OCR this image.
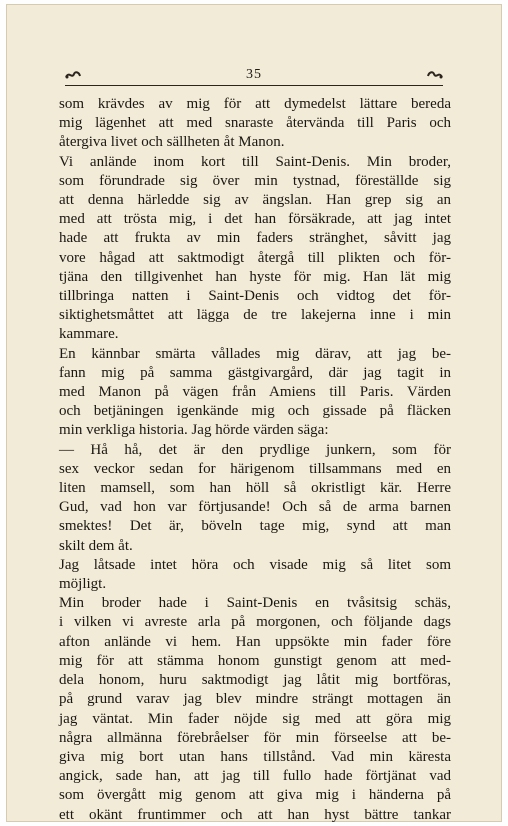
35
som krävdes av mig för att dymedelst lättare bereda
mig lägenhet att med snaraste återvända till Paris och
återgiva livet och sällheten åt Manon.
Vi anlände inom kort till Saint-Denis. Min broder,
som förundrade sig över min tystnad, föreställde sig
att denna härledde sig av ängslan. Han grep sig an
med att trösta mig, i det han försäkrade, att jag intet
hade att frukta av min faders stränghet, såvitt jag
vore hågad att saktmodigt återgå till plikten och för-
tjäna den tillgivenhet han hyste för mig. Han lät mig
tillbringa natten i Saint-Denis och vidtog det för-
siktighetsmåttet att lägga de tre lakejerna inne i min
kammare.
En kännbar smärta vållades mig därav, att jag be-
fann mig på samma gästgivargård, där jag tagit in
med Manon på vägen från Amiens till Paris. Värden
och betjäningen igenkände mig och gissade på fläcken
min verkliga historia. Jag hörde värden säga:
— Hå hå, det är den prydlige junkern, som för
sex veckor sedan for härigenom tillsammans med en
liten mamsell, som han höll så okristligt kär. Herre
Gud, vad hon var förtjusande! Och så de arma barnen
smektes! Det är, böveln tage mig, synd att man
skilt dem åt.
Jag låtsade intet höra och visade mig så litet som
möjligt.
Min broder hade i Saint-Denis en tvåsitsig schäs,
i vilken vi avreste arla på morgonen, och följande dags
afton anlände vi hem. Han uppsökte min fader före
mig för att stämma honom gunstigt genom att med-
dela honom, huru saktmodigt jag låtit mig bortföras,
på grund varav jag blev mindre strängt mottagen än
jag väntat. Min fader nöjde sig med att göra mig
några allmänna förebråelser för min förseelse att be-
giva mig bort utan hans tillstånd. Vad min käresta
angick, sade han, att jag till fullo hade förtjänat vad
som övergått mig genom att giva mig i händerna på
ett okänt fruntimmer och att han hyst bättre tankar
